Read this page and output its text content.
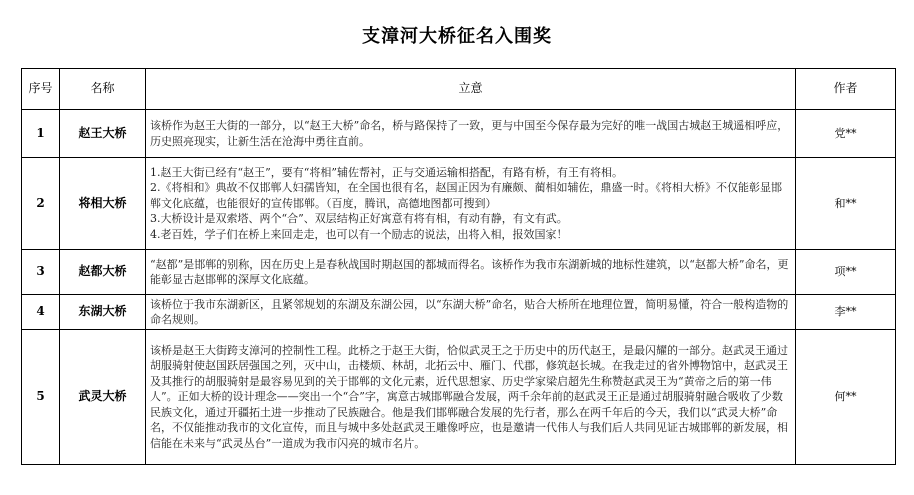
支漳河大桥征名入围奖
序号	名称	立意	作者
1	赵王大桥	该桥作为赵王大街的一部分，以“赵王大桥”命名，桥与路保持了一致，更与中国至今保存最为完好的唯一战国古城赵王城遥相呼应，历史照亮现实，让新生活在沧海中勇往直前。	党**
2	将相大桥	1.赵王大街已经有“赵王”，要有“将相”辅佐帮衬，正与交通运输相搭配，有路有桥，有王有将相。
2.《将相和》典故不仅邯郸人妇孺皆知，在全国也很有名，赵国正因为有廉颇、蔺相如辅佐，鼎盛一时。《将相大桥》不仅能彰显邯郸文化底蕴，也能很好的宣传邯郸。（百度，腾讯，高德地图都可搜到）
3.大桥设计是双索塔、两个“合”、双层结构正好寓意有将有相，有动有静，有文有武。
4.老百姓，学子们在桥上来回走走，也可以有一个励志的说法，出将入相，报效国家！	和**
3	赵都大桥	“赵都”是邯郸的别称，因在历史上是春秋战国时期赵国的都城而得名。该桥作为我市东湖新城的地标性建筑，以“赵都大桥”命名，更能彰显古赵邯郸的深厚文化底蕴。	项**
4	东湖大桥	该桥位于我市东湖新区，且紧邻规划的东湖及东湖公园，以“东湖大桥”命名，贴合大桥所在地理位置，简明易懂，符合一般构造物的命名规则。	李**
5	武灵大桥	该桥是赵王大街跨支漳河的控制性工程。此桥之于赵王大街，恰似武灵王之于历史中的历代赵王，是最闪耀的一部分。赵武灵王通过胡服骑射使赵国跃居强国之列，灭中山，击楼烦、林胡，北拓云中、雁门、代郡，修筑赵长城。在我走过的省外博物馆中，赵武灵王及其推行的胡服骑射是最容易见到的关于邯郸的文化元素，近代思想家、历史学家梁启超先生称赞赵武灵王为“黄帝之后的第一伟人”。正如大桥的设计理念——突出一个“合”字，寓意古城邯郸融合发展，两千余年前的赵武灵王正是通过胡服骑射融合吸收了少数民族文化，通过开疆拓土进一步推动了民族融合。他是我们邯郸融合发展的先行者，那么在两千年后的今天，我们以“武灵大桥”命名，不仅能推动我市的文化宣传，而且与城中多处赵武灵王雕像呼应，也是邀请一代伟人与我们后人共同见证古城邯郸的新发展，相信能在未来与“武灵丛台”一道成为我市闪亮的城市名片。	何**
